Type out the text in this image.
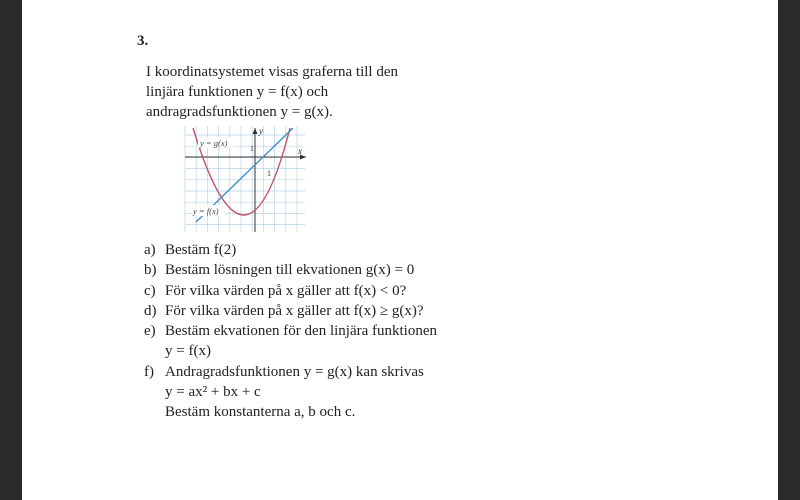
3.
I koordinatsystemet visas graferna till den
linjära funktionen y = f(x) och
andragradsfunktionen y = g(x).
y = g(x)
y = f(x)
y
x
1
1
a) Bestäm f(2)
b) Bestäm lösningen till ekvationen g(x) = 0
c) För vilka värden på x gäller att f(x) < 0?
d) För vilka värden på x gäller att f(x) ≥ g(x)?
e) Bestäm ekvationen för den linjära funktionen
y = f(x)
f) Andragradsfunktionen y = g(x) kan skrivas
y = ax² + bx + c
Bestäm konstanterna a, b och c.
